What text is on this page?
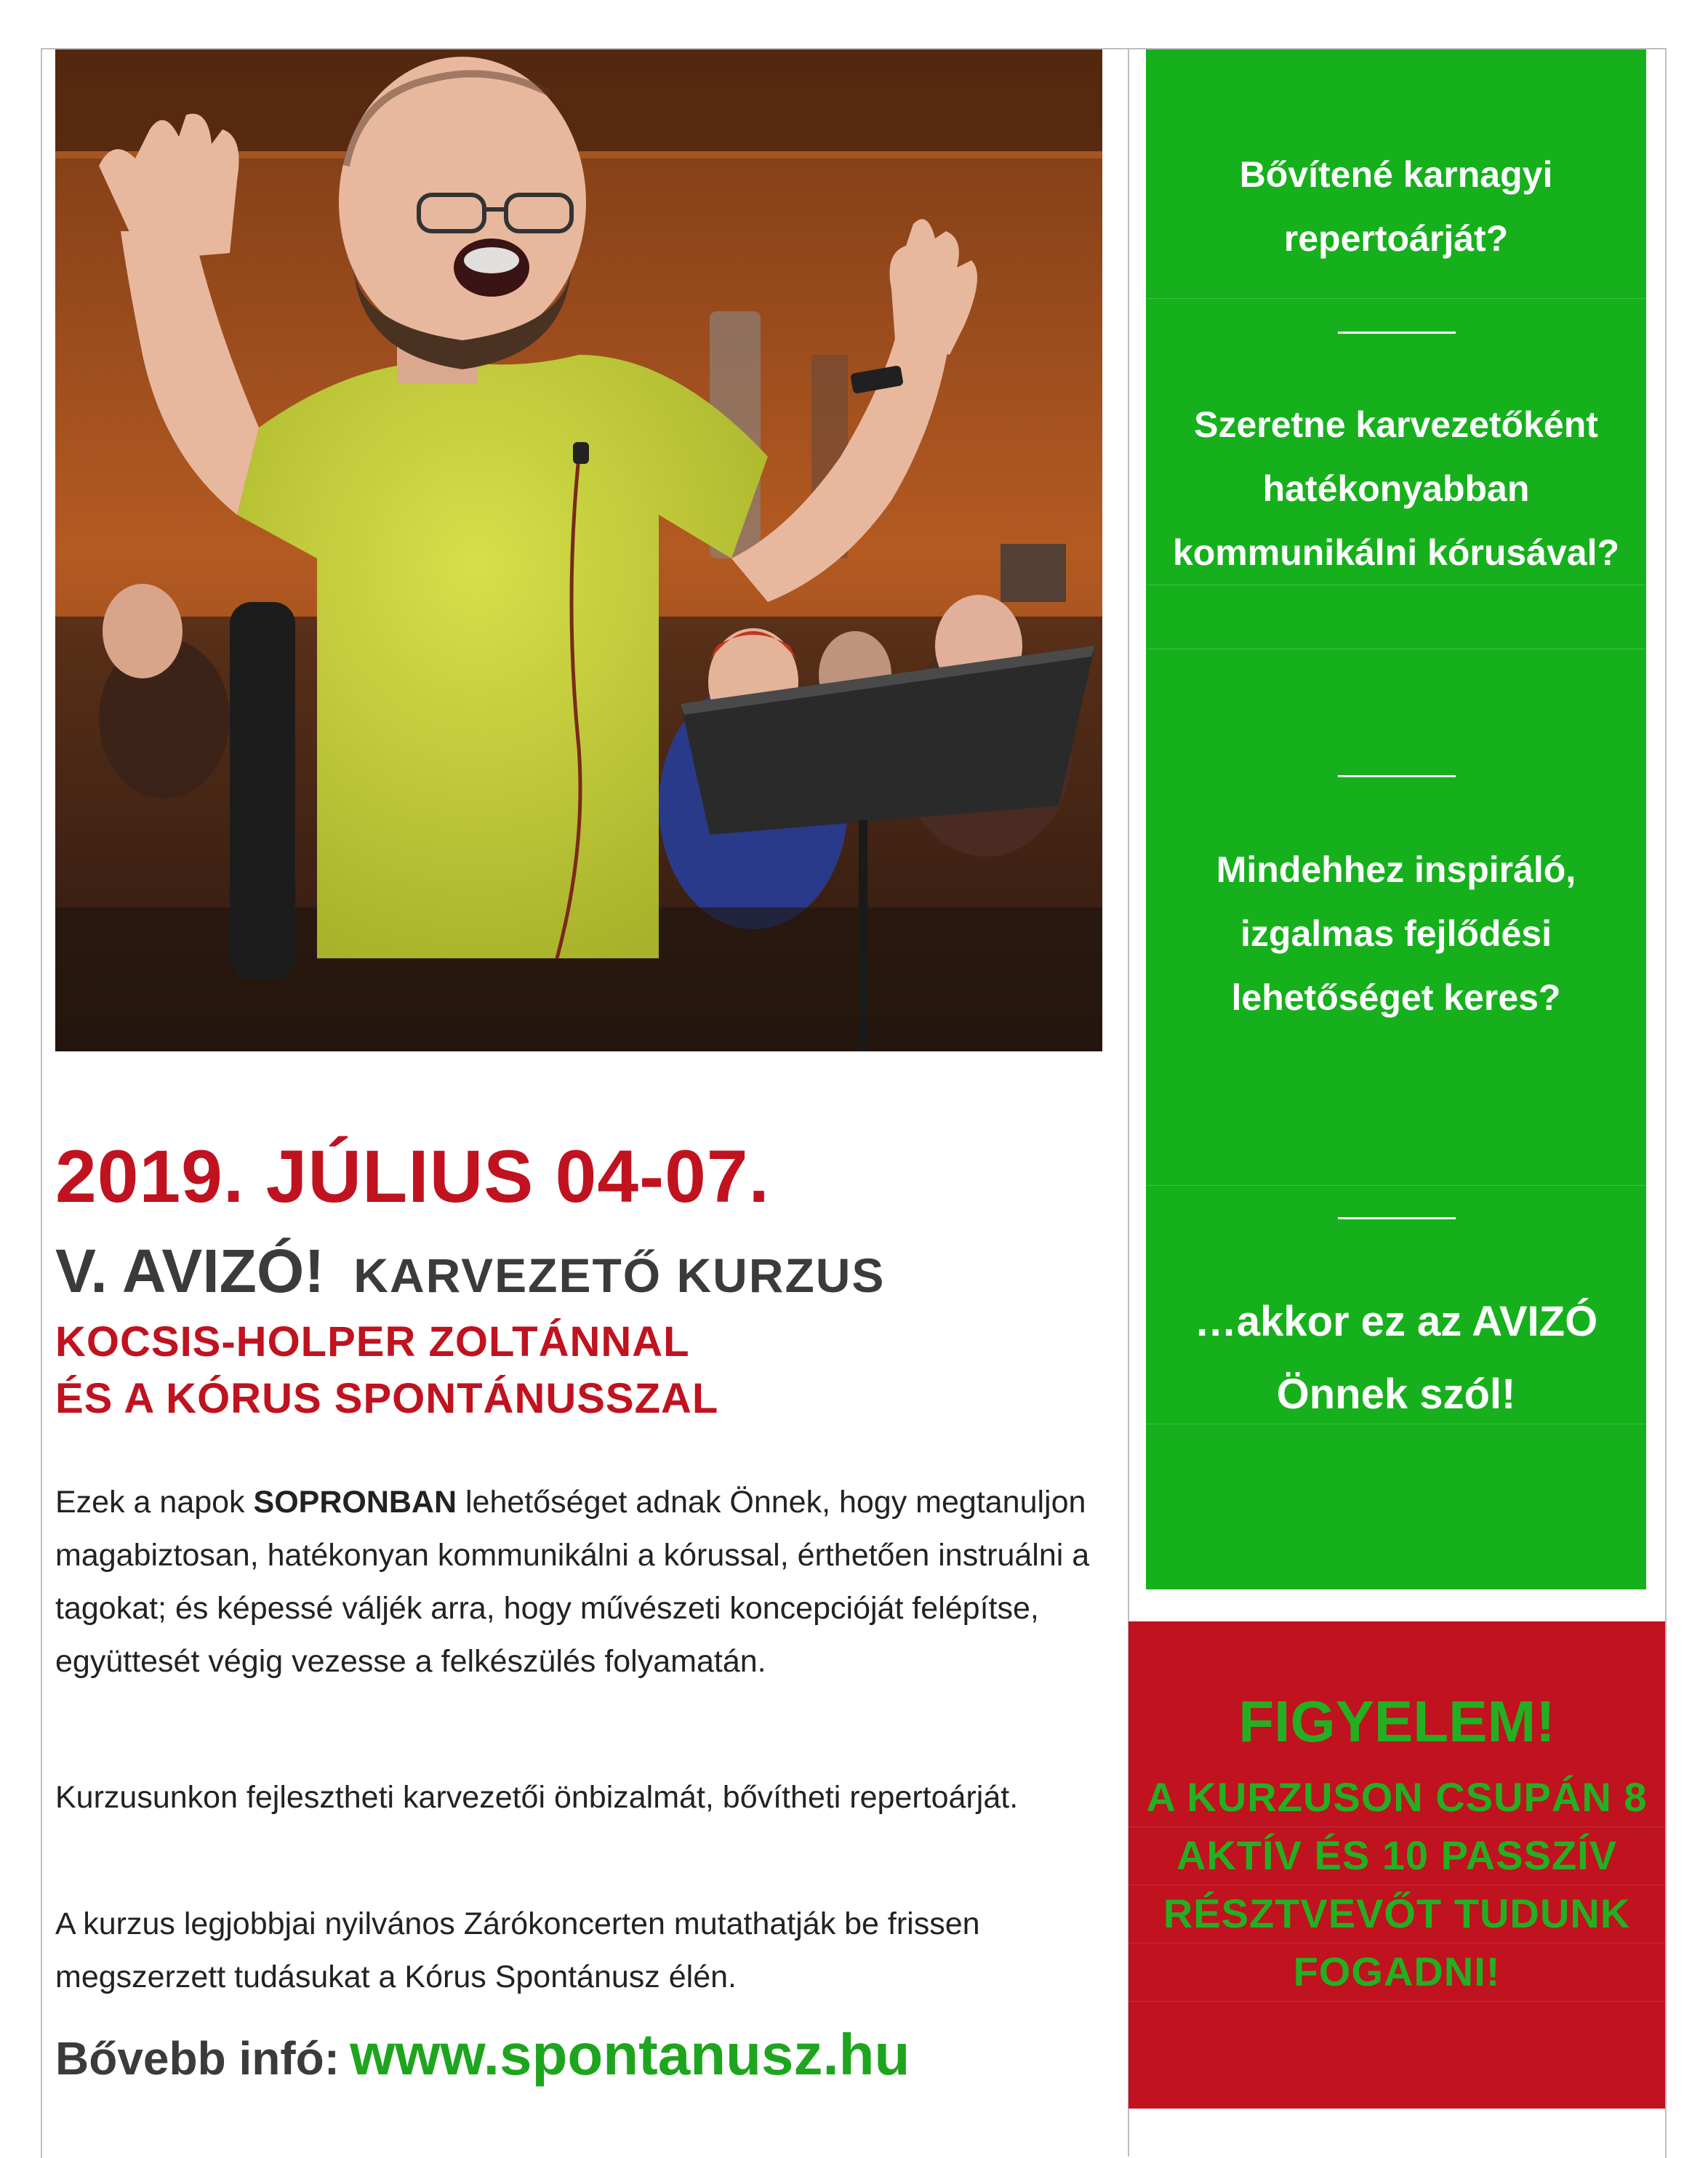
2019. JÚLIUS 04-07.
V. AVIZÓ! KARVEZETŐ KURZUS

KOCSIS-HOLPER ZOLTÁNNAL

ÉS A KÓRUS SPONTÁNUSSZAL

Ezek a napok SOPRONBAN lehetőséget adnak Önnek, hogy megtanuljon magabiztosan, hatékonyan kommunikálni a kórussal, érthetően instruálni a tagokat; és képessé váljék arra, hogy művészeti koncepcióját felépítse, együttesét végig vezesse a felkészülés folyamatán.

Kurzusunkon fejlesztheti karvezetői önbizalmát, bővítheti repertoárját.

A kurzus legjobbjai nyilvános Zárókoncerten mutathatják be frissen megszerzett tudásukat a Kórus Spontánusz élén.

Bővebb infó: www.spontanusz.hu

Bővítené karnagyi repertoárját?

Szeretne karvezetőként hatékonyabban kommunikálni kórusával?

Mindehhez inspiráló, izgalmas fejlődési lehetőséget keres?

…akkor ez az AVIZÓ Önnek szól!

FIGYELEM!

A KURZUSON CSUPÁN 8 AKTÍV ÉS 10 PASSZÍV RÉSZTVEVŐT TUDUNK FOGADNI!
